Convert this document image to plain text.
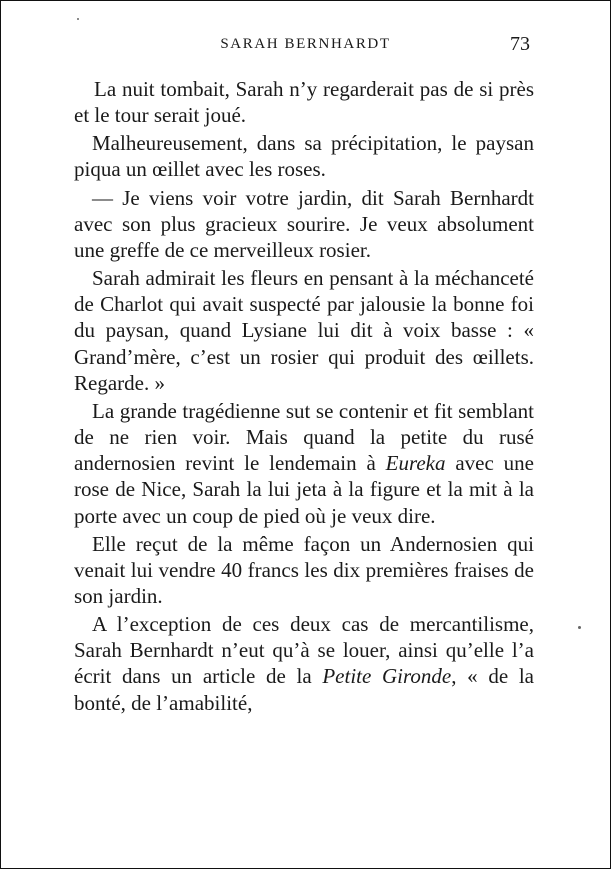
SARAH BERNHARDT	73

La nuit tombait, Sarah n’y regarderait pas de si près et le tour serait joué.

Malheureusement, dans sa précipitation, le paysan piqua un œillet avec les roses.

— Je viens voir votre jardin, dit Sarah Bernhardt avec son plus gracieux sourire. Je veux absolument une greffe de ce merveilleux rosier.

Sarah admirait les fleurs en pensant à la méchanceté de Charlot qui avait suspecté par jalousie la bonne foi du paysan, quand Lysiane lui dit à voix basse : « Grand’mère, c’est un rosier qui produit des œillets. Regarde. »

La grande tragédienne sut se contenir et fit semblant de ne rien voir. Mais quand la petite du rusé andernosien revint le lendemain à Eureka avec une rose de Nice, Sarah la lui jeta à la figure et la mit à la porte avec un coup de pied où je veux dire.

Elle reçut de la même façon un Andernosien qui venait lui vendre 40 francs les dix premières fraises de son jardin.

A l’exception de ces deux cas de mercantilisme, Sarah Bernhardt n’eut qu’à se louer, ainsi qu’elle l’a écrit dans un article de la Petite Gironde, « de la bonté, de l’amabilité,
